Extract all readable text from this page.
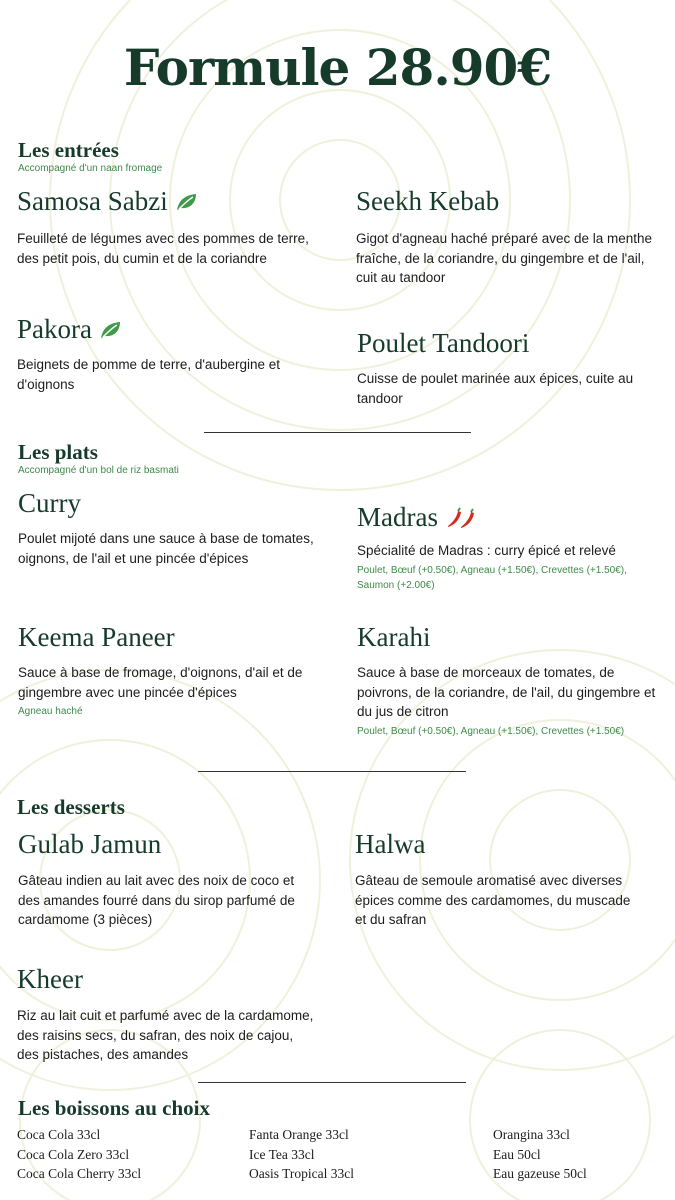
Formule 28.90€
Les entrées
Accompagné d'un naan fromage
Samosa Sabzi
Feuilleté de légumes avec des pommes de terre, des petit pois, du cumin et de la coriandre
Seekh Kebab
Gigot d'agneau haché préparé avec de la menthe fraîche, de la coriandre, du gingembre et de l'ail, cuit au tandoor
Pakora
Beignets de pomme de terre, d'aubergine et d'oignons
Poulet Tandoori
Cuisse de poulet marinée aux épices, cuite au tandoor
Les plats
Accompagné d'un bol de riz basmati
Curry
Poulet mijoté dans une sauce à base de tomates, oignons, de l'ail et une pincée d'épices
Madras
Spécialité de Madras : curry épicé et relevé
Poulet, Bœuf (+0.50€), Agneau (+1.50€), Crevettes (+1.50€), Saumon (+2.00€)
Keema Paneer
Sauce à base de fromage, d'oignons, d'ail et de gingembre avec une pincée d'épices
Agneau haché
Karahi
Sauce à base de morceaux de tomates, de poivrons, de la coriandre, de l'ail, du gingembre et du jus de citron
Poulet, Bœuf (+0.50€), Agneau (+1.50€), Crevettes (+1.50€)
Les desserts
Gulab Jamun
Gâteau indien au lait avec des noix de coco et des amandes fourré dans du sirop parfumé de cardamome (3 pièces)
Halwa
Gâteau de semoule aromatisé avec diverses épices comme des cardamomes, du muscade et du safran
Kheer
Riz au lait cuit et parfumé avec de la cardamome, des raisins secs, du safran, des noix de cajou, des pistaches, des amandes
Les boissons au choix
Coca Cola 33cl
Coca Cola Zero 33cl
Coca Cola Cherry 33cl
Fanta Orange 33cl
Ice Tea 33cl
Oasis Tropical 33cl
Orangina 33cl
Eau 50cl
Eau gazeuse 50cl
